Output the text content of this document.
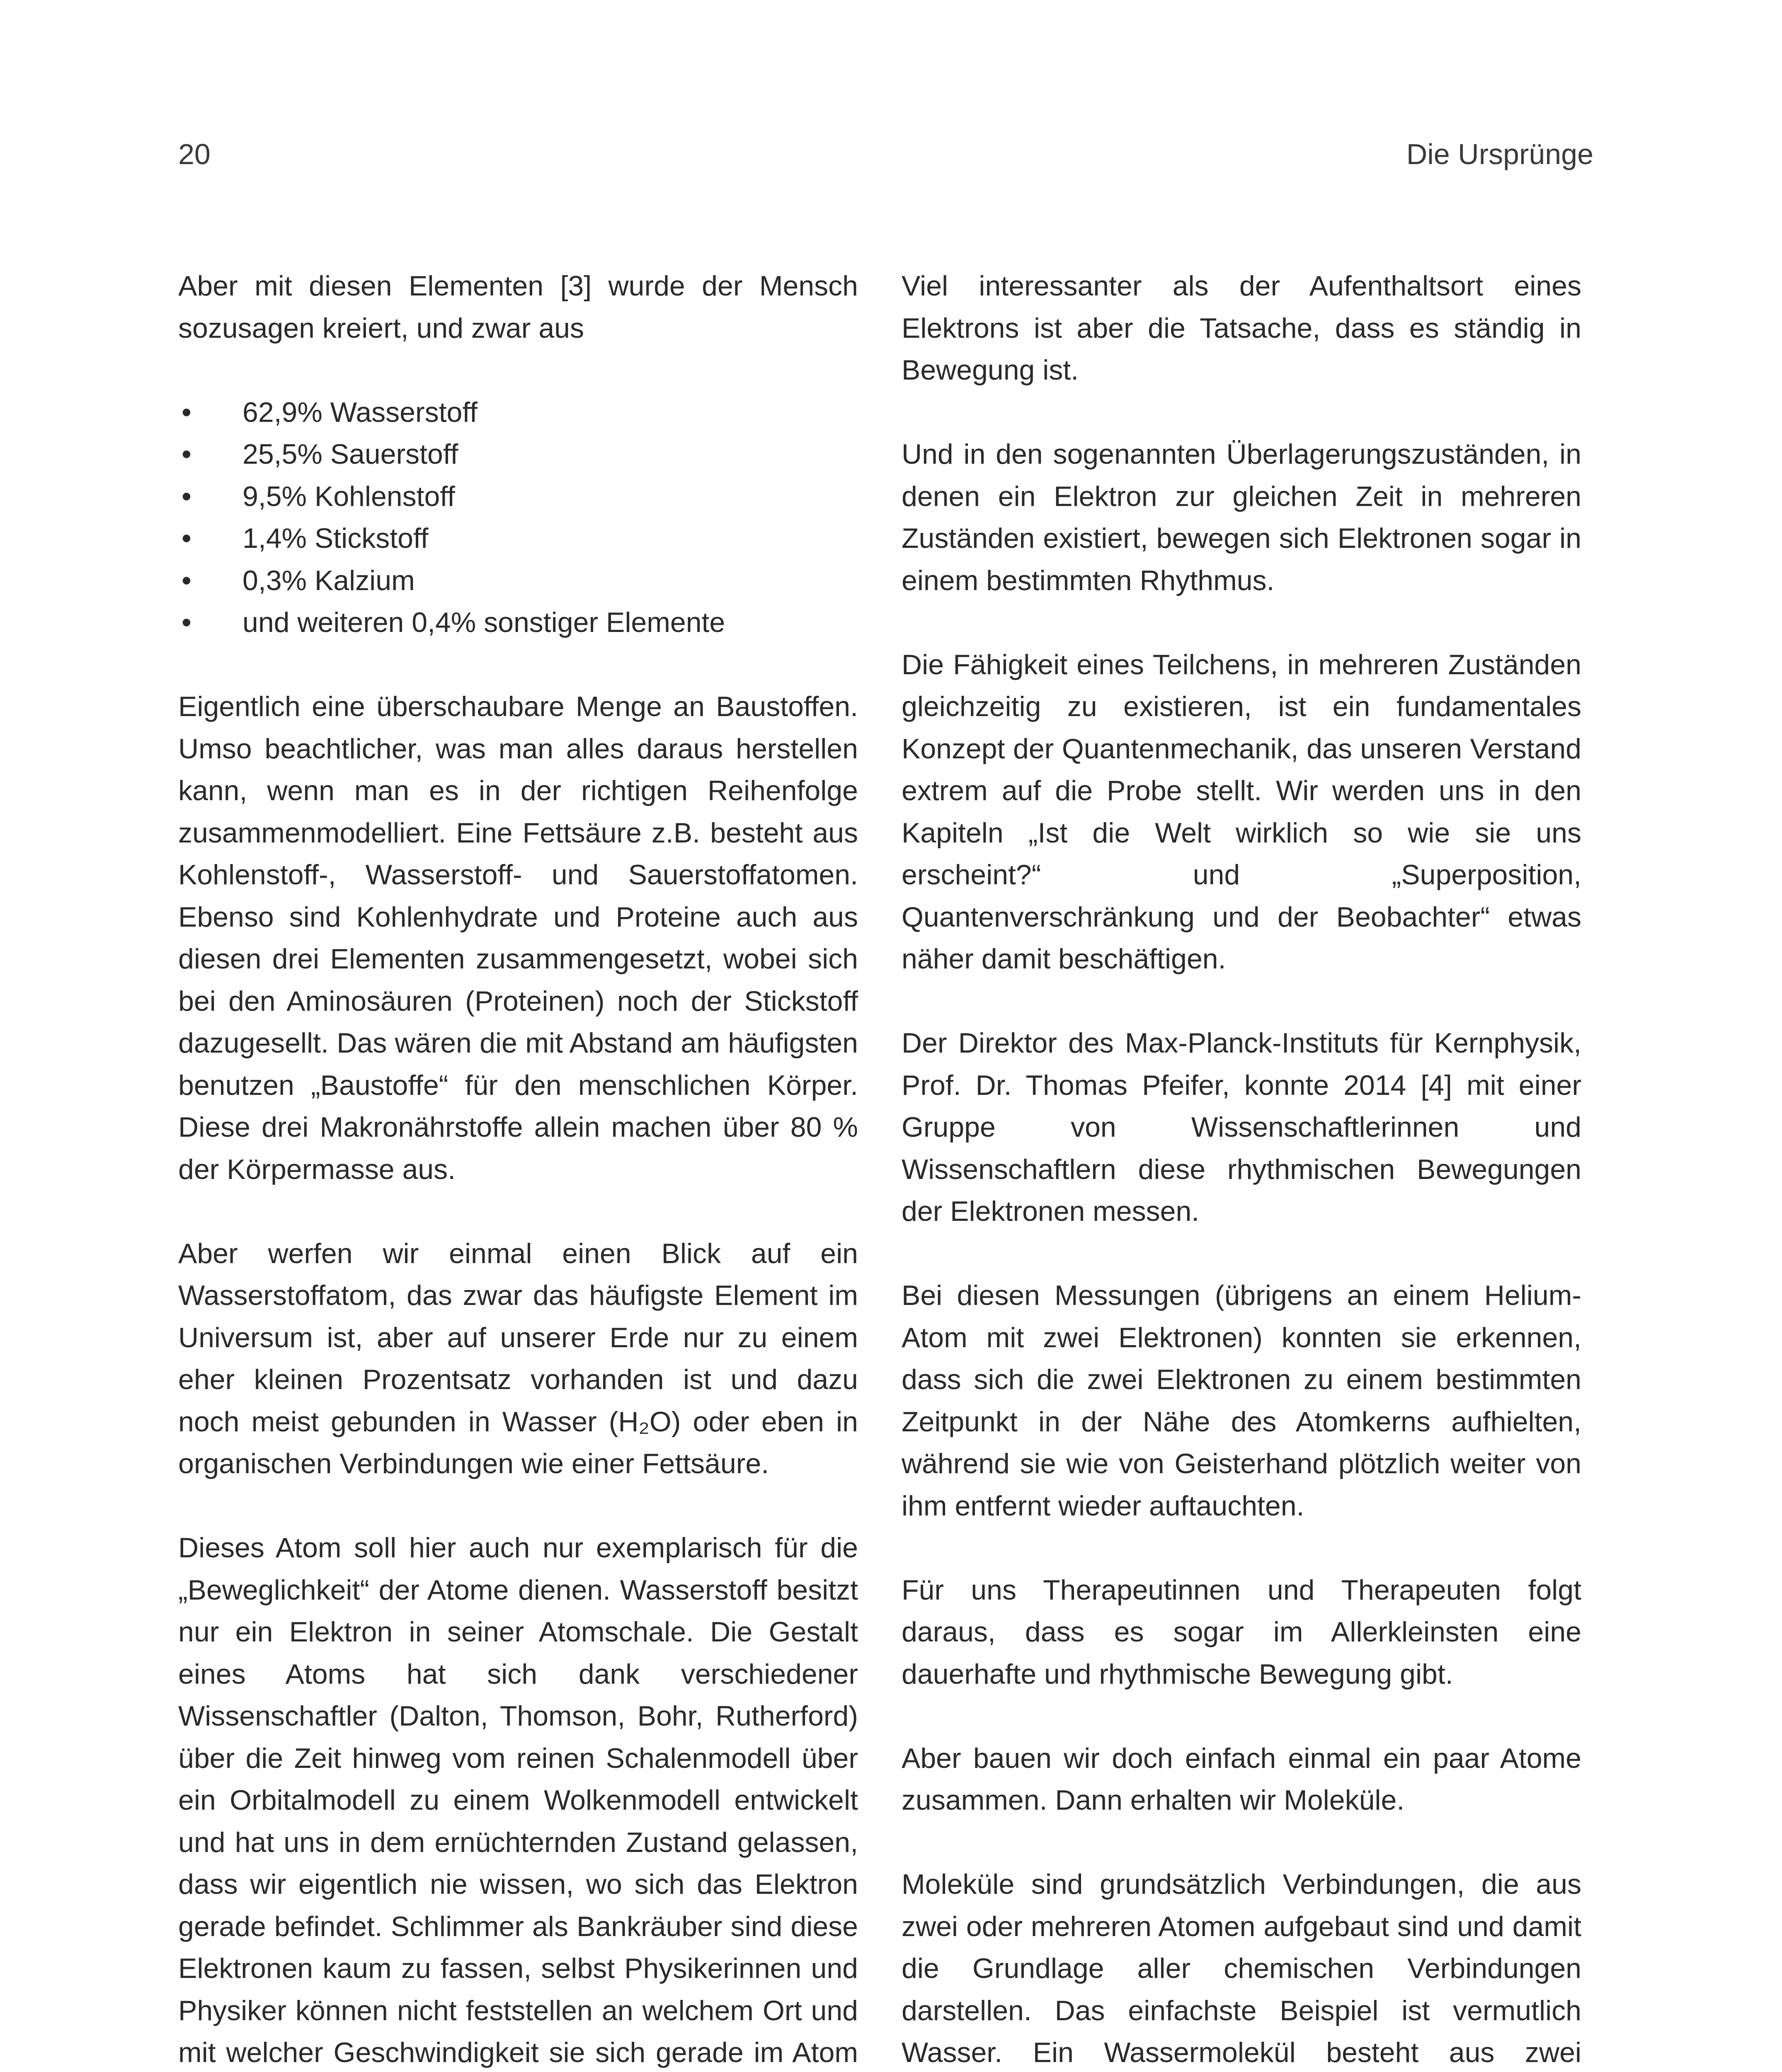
20	Die Ursprünge

Aber mit diesen Elementen [3] wurde der Mensch sozusagen kreiert, und zwar aus

• 62,9% Wasserstoff
• 25,5% Sauerstoff
• 9,5% Kohlenstoff
• 1,4% Stickstoff
• 0,3% Kalzium
• und weiteren 0,4% sonstiger Elemente

Eigentlich eine überschaubare Menge an Baustoffen. Umso beachtlicher, was man alles daraus herstellen kann, wenn man es in der richtigen Reihenfolge zusammenmodelliert. Eine Fettsäure z.B. besteht aus Kohlenstoff-, Wasserstoff- und Sauerstoffatomen. Ebenso sind Kohlenhydrate und Proteine auch aus diesen drei Elementen zusammengesetzt, wobei sich bei den Aminosäuren (Proteinen) noch der Stickstoff dazugesellt. Das wären die mit Abstand am häufigsten benutzen „Baustoffe“ für den menschlichen Körper. Diese drei Makronährstoffe allein machen über 80 % der Körpermasse aus.

Aber werfen wir einmal einen Blick auf ein Wasserstoffatom, das zwar das häufigste Element im Universum ist, aber auf unserer Erde nur zu einem eher kleinen Prozentsatz vorhanden ist und dazu noch meist gebunden in Wasser (H₂O) oder eben in organischen Verbindungen wie einer Fettsäure.

Dieses Atom soll hier auch nur exemplarisch für die „Beweglichkeit“ der Atome dienen. Wasserstoff besitzt nur ein Elektron in seiner Atomschale. Die Gestalt eines Atoms hat sich dank verschiedener Wissenschaftler (Dalton, Thomson, Bohr, Rutherford) über die Zeit hinweg vom reinen Schalenmodell über ein Orbitalmodell zu einem Wolkenmodell entwickelt und hat uns in dem ernüchternden Zustand gelassen, dass wir eigentlich nie wissen, wo sich das Elektron gerade befindet. Schlimmer als Bankräuber sind diese Elektronen kaum zu fassen, selbst Physikerinnen und Physiker können nicht feststellen an welchem Ort und mit welcher Geschwindigkeit sie sich gerade im Atom

Viel interessanter als der Aufenthaltsort eines Elektrons ist aber die Tatsache, dass es ständig in Bewegung ist.

Und in den sogenannten Überlagerungszuständen, in denen ein Elektron zur gleichen Zeit in mehreren Zuständen existiert, bewegen sich Elektronen sogar in einem bestimmten Rhythmus.

Die Fähigkeit eines Teilchens, in mehreren Zuständen gleichzeitig zu existieren, ist ein fundamentales Konzept der Quantenmechanik, das unseren Verstand extrem auf die Probe stellt. Wir werden uns in den Kapiteln „Ist die Welt wirklich so wie sie uns erscheint?“ und „Superposition, Quantenverschränkung und der Beobachter“ etwas näher damit beschäftigen.

Der Direktor des Max-Planck-Instituts für Kernphysik, Prof. Dr. Thomas Pfeifer, konnte 2014 [4] mit einer Gruppe von Wissenschaftlerinnen und Wissenschaftlern diese rhythmischen Bewegungen der Elektronen messen.

Bei diesen Messungen (übrigens an einem Helium-Atom mit zwei Elektronen) konnten sie erkennen, dass sich die zwei Elektronen zu einem bestimmten Zeitpunkt in der Nähe des Atomkerns aufhielten, während sie wie von Geisterhand plötzlich weiter von ihm entfernt wieder auftauchten.

Für uns Therapeutinnen und Therapeuten folgt daraus, dass es sogar im Allerkleinsten eine dauerhafte und rhythmische Bewegung gibt.

Aber bauen wir doch einfach einmal ein paar Atome zusammen. Dann erhalten wir Moleküle.

Moleküle sind grundsätzlich Verbindungen, die aus zwei oder mehreren Atomen aufgebaut sind und damit die Grundlage aller chemischen Verbindungen darstellen. Das einfachste Beispiel ist vermutlich Wasser. Ein Wassermolekül besteht aus zwei
